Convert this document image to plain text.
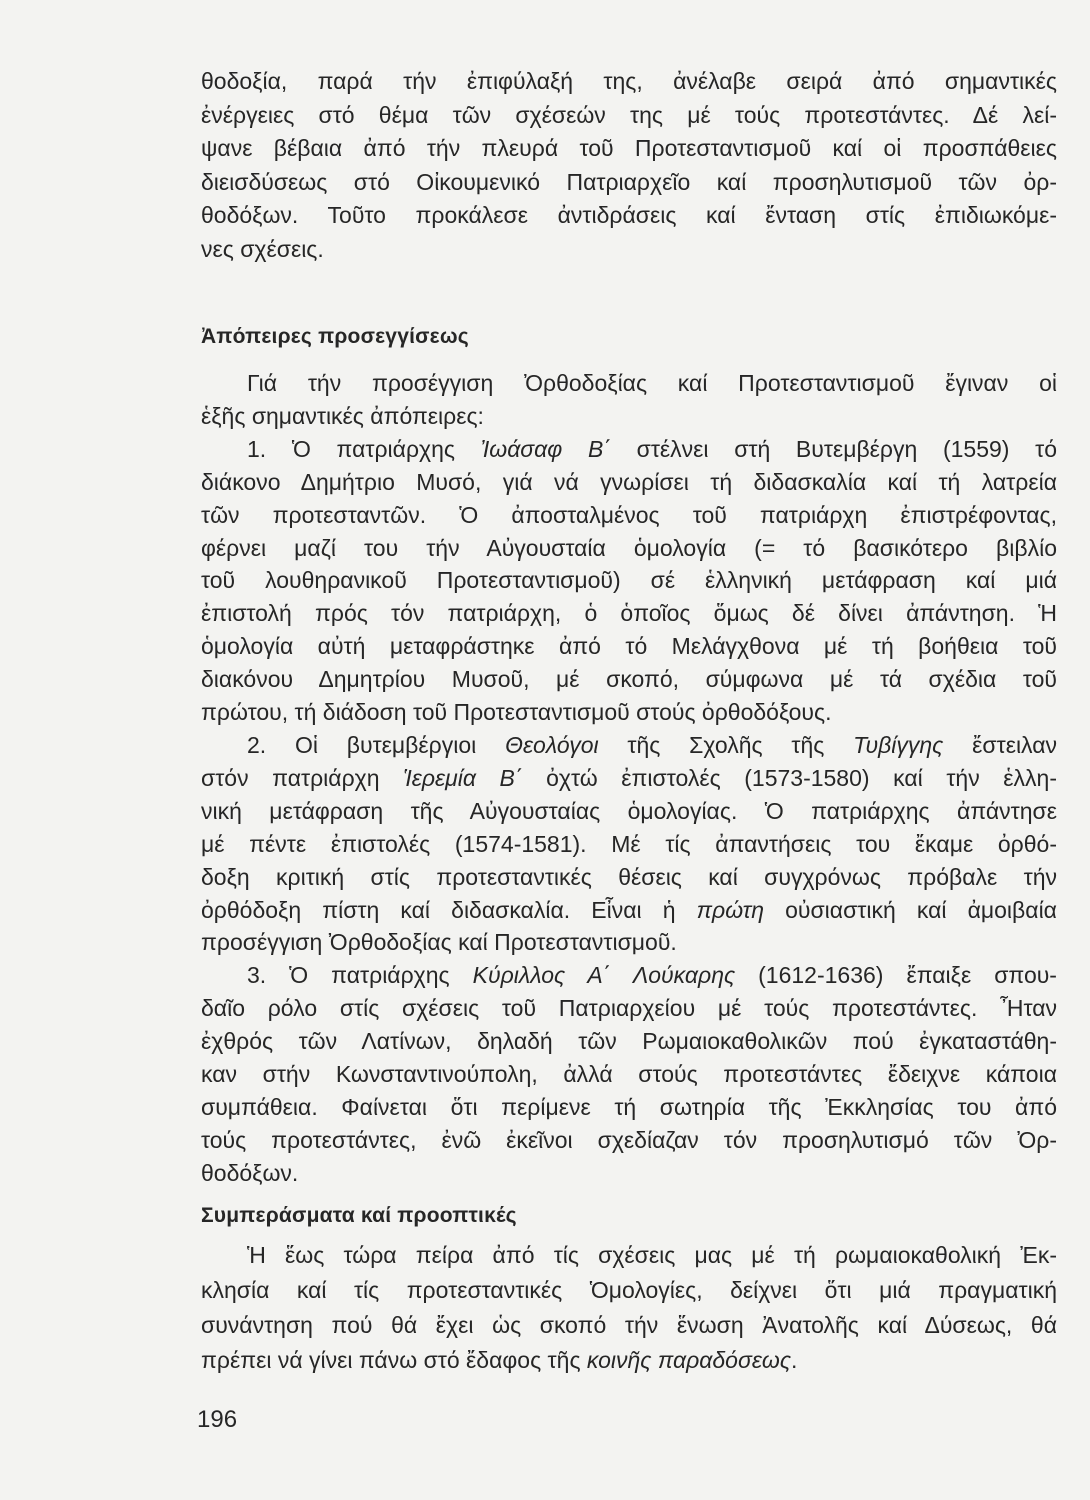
θοδοξία, παρά τήν ἐπιφύλαξή της, ἀνέλαβε σειρά ἀπό σημαντικές
ἐνέργειες στό θέμα τῶν σχέσεών της μέ τούς προτεστάντες. Δέ λεί-
ψανε βέβαια ἀπό τήν πλευρά τοῦ Προτεσταντισμοῦ καί οἱ προσπάθειες
διεισδύσεως στό Οἰκουμενικό Πατριαρχεῖο καί προσηλυτισμοῦ τῶν ὀρ-
θοδόξων. Τοῦτο προκάλεσε ἀντιδράσεις καί ἔνταση στίς ἐπιδιωκόμε-
νες σχέσεις.
Ἀπόπειρες προσεγγίσεως
Γιά τήν προσέγγιση Ὀρθοδοξίας καί Προτεσταντισμοῦ ἔγιναν οἱ
ἑξῆς σημαντικές ἀπόπειρες:
1. Ὁ πατριάρχης Ἰωάσαφ Β΄ στέλνει στή Βυτεμβέργη (1559) τό
διάκονο Δημήτριο Μυσό, γιά νά γνωρίσει τή διδασκαλία καί τή λατρεία
τῶν προτεσταντῶν. Ὁ ἀποσταλμένος τοῦ πατριάρχη ἐπιστρέφοντας,
φέρνει μαζί του τήν Αὐγουσταία ὁμολογία (= τό βασικότερο βιβλίο
τοῦ λουθηρανικοῦ Προτεσταντισμοῦ) σέ ἑλληνική μετάφραση καί μιά
ἐπιστολή πρός τόν πατριάρχη, ὁ ὁποῖος ὅμως δέ δίνει ἀπάντηση. Ἡ
ὁμολογία αὐτή μεταφράστηκε ἀπό τό Μελάγχθονα μέ τή βοήθεια τοῦ
διακόνου Δημητρίου Μυσοῦ, μέ σκοπό, σύμφωνα μέ τά σχέδια τοῦ
πρώτου, τή διάδοση τοῦ Προτεσταντισμοῦ στούς ὀρθοδόξους.
2. Οἱ βυτεμβέργιοι Θεολόγοι τῆς Σχολῆς τῆς Τυβίγγης ἔστειλαν
στόν πατριάρχη Ἱερεμία Β΄ ὀχτώ ἐπιστολές (1573-1580) καί τήν ἑλλη-
νική μετάφραση τῆς Αὐγουσταίας ὁμολογίας. Ὁ πατριάρχης ἀπάντησε
μέ πέντε ἐπιστολές (1574-1581). Μέ τίς ἀπαντήσεις του ἔκαμε ὀρθό-
δοξη κριτική στίς προτεσταντικές θέσεις καί συγχρόνως πρόβαλε τήν
ὀρθόδοξη πίστη καί διδασκαλία. Εἶναι ἡ πρώτη οὐσιαστική καί ἀμοιβαία
προσέγγιση Ὀρθοδοξίας καί Προτεσταντισμοῦ.
3. Ὁ πατριάρχης Κύριλλος Α΄ Λούκαρης (1612-1636) ἔπαιξε σπου-
δαῖο ρόλο στίς σχέσεις τοῦ Πατριαρχείου μέ τούς προτεστάντες. Ἦταν
ἐχθρός τῶν Λατίνων, δηλαδή τῶν Ρωμαιοκαθολικῶν πού ἐγκαταστάθη-
καν στήν Κωνσταντινούπολη, ἀλλά στούς προτεστάντες ἔδειχνε κάποια
συμπάθεια. Φαίνεται ὅτι περίμενε τή σωτηρία τῆς Ἐκκλησίας του ἀπό
τούς προτεστάντες, ἐνῶ ἐκεῖνοι σχεδίαζαν τόν προσηλυτισμό τῶν Ὀρ-
θοδόξων.
Συμπεράσματα καί προοπτικές
Ἡ ἕως τώρα πείρα ἀπό τίς σχέσεις μας μέ τή ρωμαιοκαθολική Ἐκ-
κλησία καί τίς προτεσταντικές Ὁμολογίες, δείχνει ὅτι μιά πραγματική
συνάντηση πού θά ἔχει ὡς σκοπό τήν ἕνωση Ἀνατολῆς καί Δύσεως, θά
πρέπει νά γίνει πάνω στό ἔδαφος τῆς κοινῆς παραδόσεως.
196
